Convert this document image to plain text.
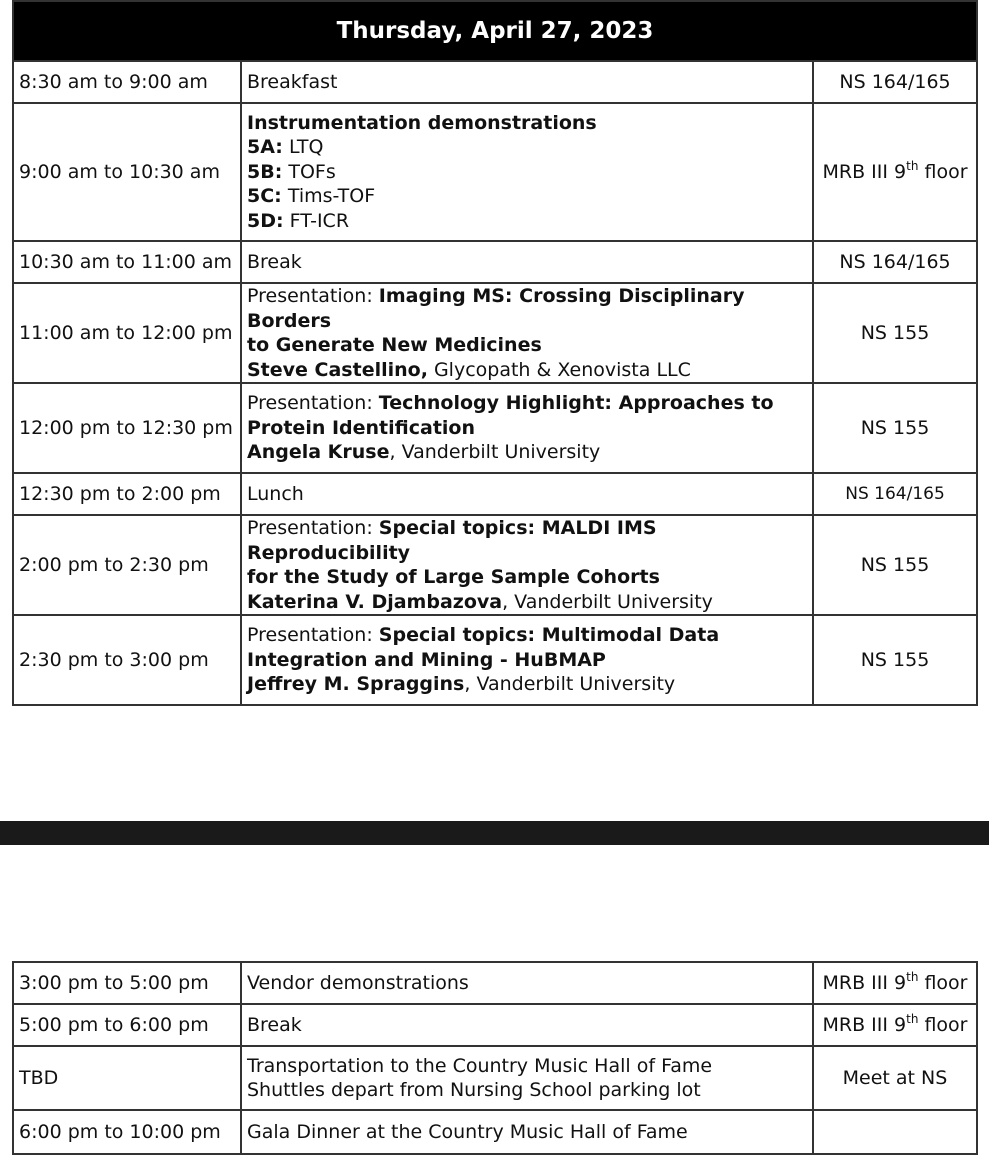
Thursday, April 27, 2023		
8:30 am to 9:00 am	Breakfast	NS 164/165
9:00 am to 10:30 am	Instrumentation demonstrations
5A: LTQ
5B: TOFs
5C: Tims-TOF
5D: FT-ICR	MRB III 9th floor
10:30 am to 11:00 am	Break	NS 164/165
11:00 am to 12:00 pm	Presentation: Imaging MS: Crossing Disciplinary Borders
to Generate New Medicines
Steve Castellino, Glycopath & Xenovista LLC	NS 155
12:00 pm to 12:30 pm	Presentation: Technology Highlight: Approaches to
Protein Identification
Angela Kruse, Vanderbilt University	NS 155
12:30 pm to 2:00 pm	Lunch	NS 164/165
2:00 pm to 2:30 pm	Presentation: Special topics: MALDI IMS Reproducibility
for the Study of Large Sample Cohorts
Katerina V. Djambazova, Vanderbilt University	NS 155
2:30 pm to 3:00 pm	Presentation: Special topics: Multimodal Data
Integration and Mining - HuBMAP
Jeffrey M. Spraggins, Vanderbilt University	NS 155
3:00 pm to 5:00 pm	Vendor demonstrations	MRB III 9th floor
5:00 pm to 6:00 pm	Break	MRB III 9th floor
TBD	Transportation to the Country Music Hall of Fame
Shuttles depart from Nursing School parking lot	Meet at NS
6:00 pm to 10:00 pm	Gala Dinner at the Country Music Hall of Fame	
